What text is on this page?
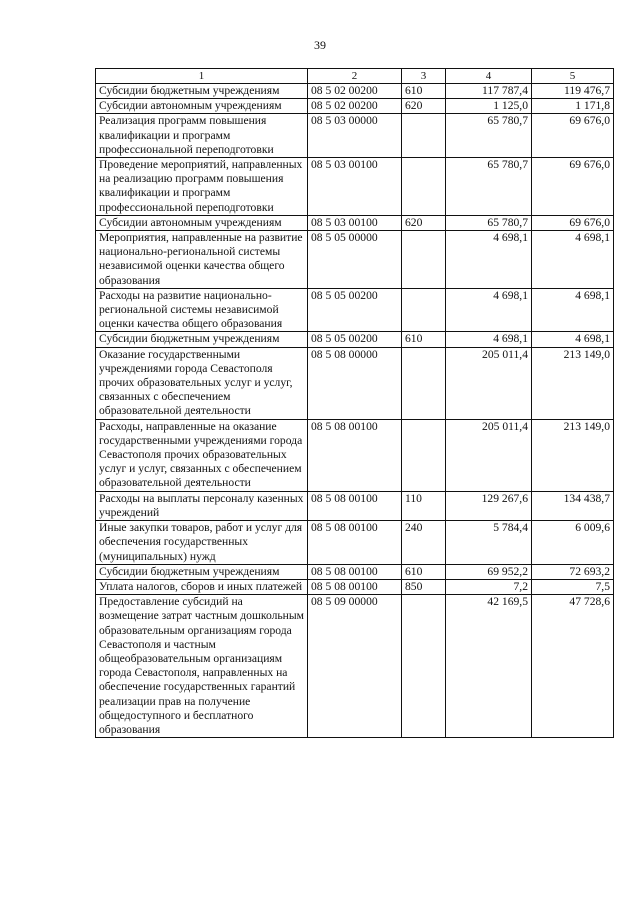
39
1	2	3	4	5
Субсидии бюджетным учреждениям	08 5 02 00200	610	117 787,4	119 476,7
Субсидии автономным учреждениям	08 5 02 00200	620	1 125,0	1 171,8
Реализация программ повышения квалификации и программ профессиональной переподготовки	08 5 03 00000		65 780,7	69 676,0
Проведение мероприятий, направленных на реализацию программ повышения квалификации и программ профессиональной переподготовки	08 5 03 00100		65 780,7	69 676,0
Субсидии автономным учреждениям	08 5 03 00100	620	65 780,7	69 676,0
Мероприятия, направленные на развитие национально-региональной системы независимой оценки качества общего образования	08 5 05 00000		4 698,1	4 698,1
Расходы на развитие национально-региональной системы независимой оценки качества общего образования	08 5 05 00200		4 698,1	4 698,1
Субсидии бюджетным учреждениям	08 5 05 00200	610	4 698,1	4 698,1
Оказание государственными учреждениями города Севастополя прочих образовательных услуг и услуг, связанных с обеспечением образовательной деятельности	08 5 08 00000		205 011,4	213 149,0
Расходы, направленные на оказание государственными учреждениями города Севастополя прочих образовательных услуг и услуг, связанных с обеспечением образовательной деятельности	08 5 08 00100		205 011,4	213 149,0
Расходы на выплаты персоналу казенных учреждений	08 5 08 00100	110	129 267,6	134 438,7
Иные закупки товаров, работ и услуг для обеспечения государственных (муниципальных) нужд	08 5 08 00100	240	5 784,4	6 009,6
Субсидии бюджетным учреждениям	08 5 08 00100	610	69 952,2	72 693,2
Уплата налогов, сборов и иных платежей	08 5 08 00100	850	7,2	7,5
Предоставление субсидий на возмещение затрат частным дошкольным образовательным организациям города Севастополя и частным общеобразовательным организациям города Севастополя, направленных на обеспечение государственных гарантий реализации прав на получение общедоступного и бесплатного образования	08 5 09 00000		42 169,5	47 728,6
